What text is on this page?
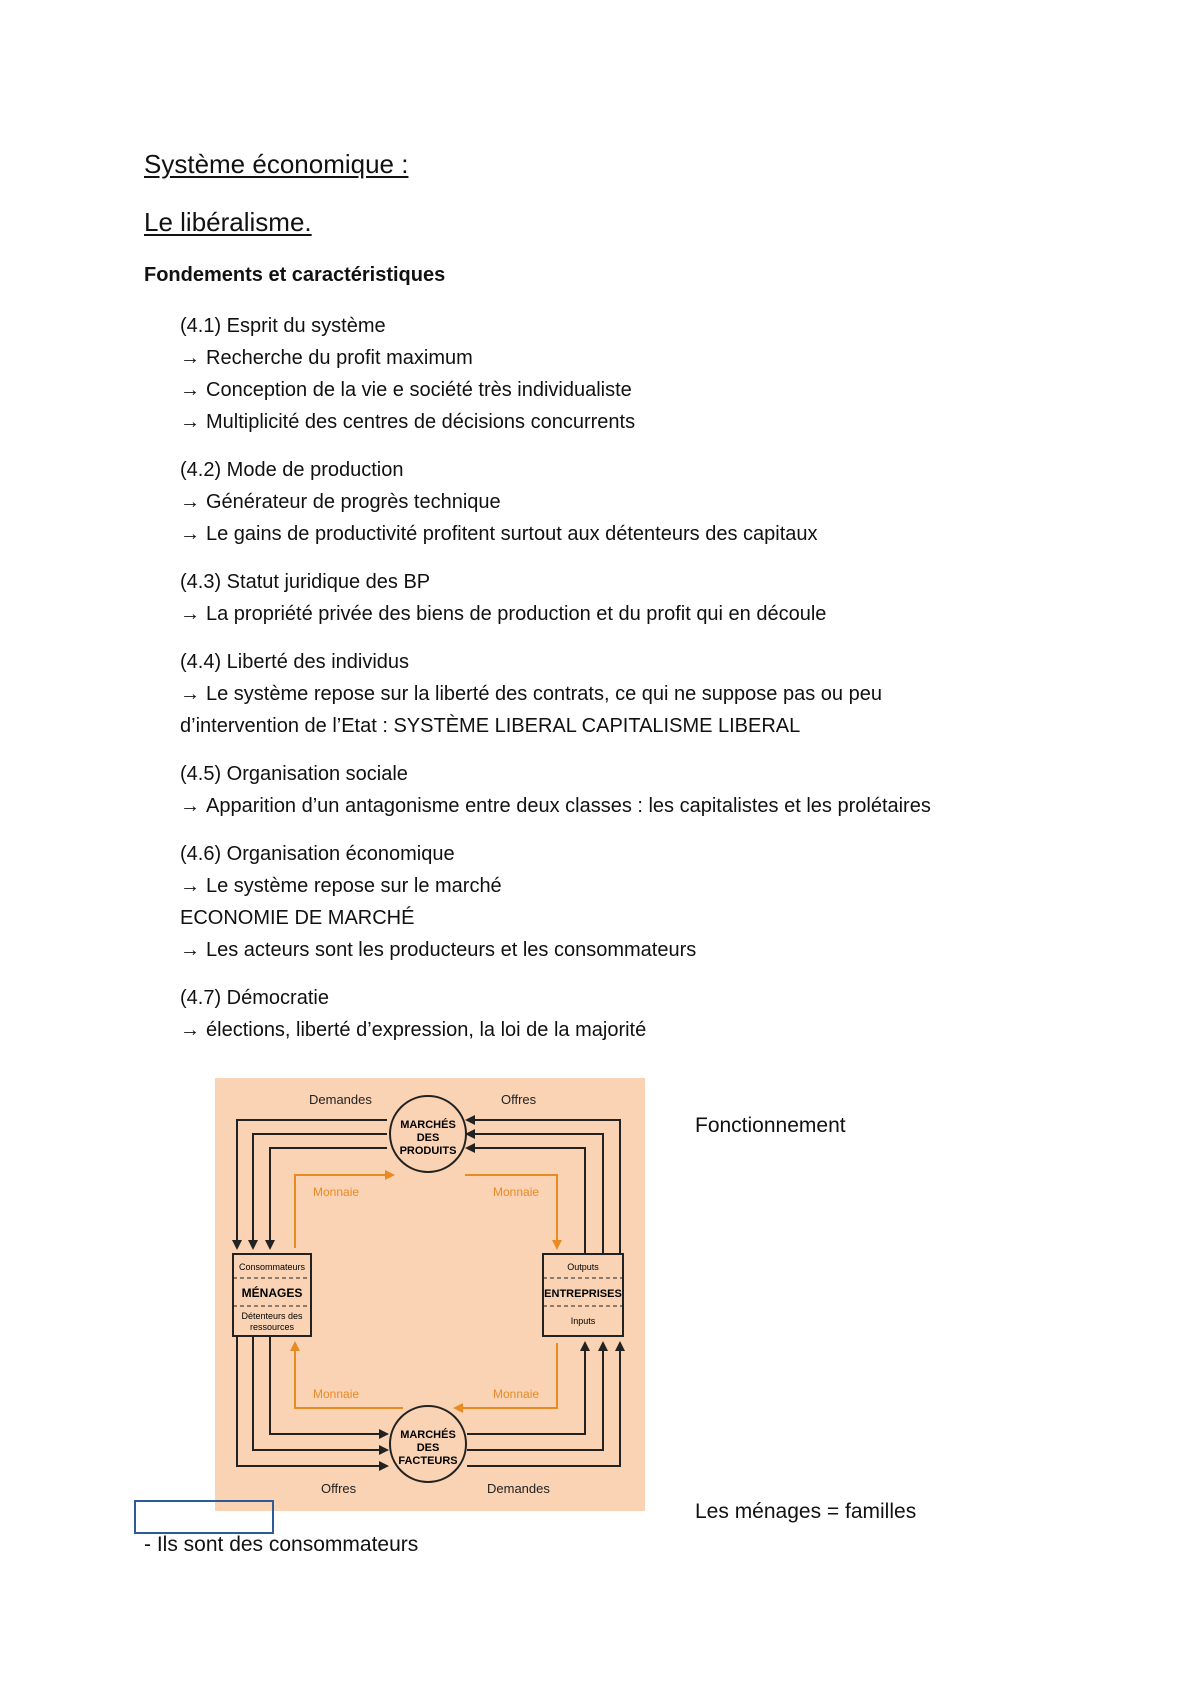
Système économique :
Le libéralisme.
Fondements et caractéristiques
(4.1) Esprit du système
→ Recherche du profit maximum
→ Conception de la vie e société très individualiste
→ Multiplicité des centres de décisions concurrents
(4.2) Mode de production
→ Générateur de progrès technique
→ Le gains de productivité profitent surtout aux détenteurs des capitaux
(4.3) Statut juridique des BP
→ La propriété privée des biens de production et du profit qui en découle
(4.4) Liberté des individus
→ Le système repose sur la liberté des contrats, ce qui ne suppose pas ou peu
d’intervention de l’Etat : SYSTÈME LIBERAL CAPITALISME LIBERAL
(4.5) Organisation sociale
→ Apparition d’un antagonisme entre deux classes : les capitalistes et les prolétaires
(4.6) Organisation économique
→ Le système repose sur le marché
ECONOMIE DE MARCHÉ
→ Les acteurs sont les producteurs et les consommateurs
(4.7) Démocratie
→ élections, liberté d’expression, la loi de la majorité
Demandes	Offres
Monnaie	Monnaie
Monnaie	Monnaie
Offres	Demandes
MARCHÉS
DES
PRODUITS
MARCHÉS
DES
FACTEURS
Consommateurs
MÉNAGES
Détenteurs des
ressources
Outputs
ENTREPRISES
Inputs
Fonctionnement
Les ménages = familles
- Ils sont des consommateurs
